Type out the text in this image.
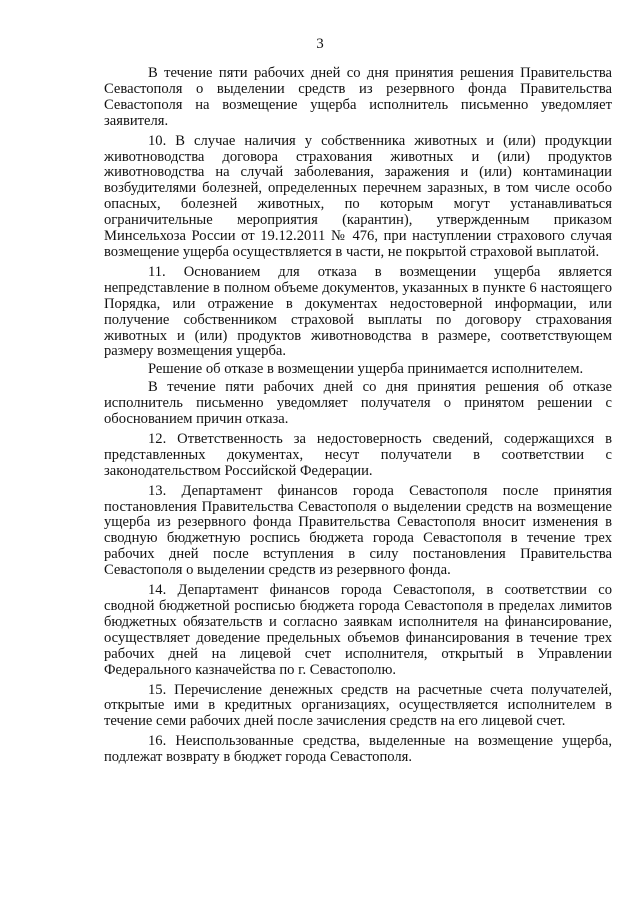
3

В течение пяти рабочих дней со дня принятия решения Правительства Севастополя о выделении средств из резервного фонда Правительства Севастополя на возмещение ущерба исполнитель письменно уведомляет заявителя.

10. В случае наличия у собственника животных и (или) продукции животноводства договора страхования животных и (или) продуктов животноводства на случай заболевания, заражения и (или) контаминации возбудителями болезней, определенных перечнем заразных, в том числе особо опасных, болезней животных, по которым могут устанавливаться ограничительные мероприятия (карантин), утвержденным приказом Минсельхоза России от 19.12.2011 № 476, при наступлении страхового случая возмещение ущерба осуществляется в части, не покрытой страховой выплатой.

11. Основанием для отказа в возмещении ущерба является непредставление в полном объеме документов, указанных в пункте 6 настоящего Порядка, или отражение в документах недостоверной информации, или получение собственником страховой выплаты по договору страхования животных и (или) продуктов животноводства в размере, соответствующем размеру возмещения ущерба.

Решение об отказе в возмещении ущерба принимается исполнителем.

В течение пяти рабочих дней со дня принятия решения об отказе исполнитель письменно уведомляет получателя о принятом решении с обоснованием причин отказа.

12. Ответственность за недостоверность сведений, содержащихся в представленных документах, несут получатели в соответствии с законодательством Российской Федерации.

13. Департамент финансов города Севастополя после принятия постановления Правительства Севастополя о выделении средств на возмещение ущерба из резервного фонда Правительства Севастополя вносит изменения в сводную бюджетную роспись бюджета города Севастополя в течение трех рабочих дней после вступления в силу постановления Правительства Севастополя о выделении средств из резервного фонда.

14. Департамент финансов города Севастополя, в соответствии со сводной бюджетной росписью бюджета города Севастополя в пределах лимитов бюджетных обязательств и согласно заявкам исполнителя на финансирование, осуществляет доведение предельных объемов финансирования в течение трех рабочих дней на лицевой счет исполнителя, открытый в Управлении Федерального казначейства по г. Севастополю.

15. Перечисление денежных средств на расчетные счета получателей, открытые ими в кредитных организациях, осуществляется исполнителем в течение семи рабочих дней после зачисления средств на его лицевой счет.

16. Неиспользованные средства, выделенные на возмещение ущерба, подлежат возврату в бюджет города Севастополя.
